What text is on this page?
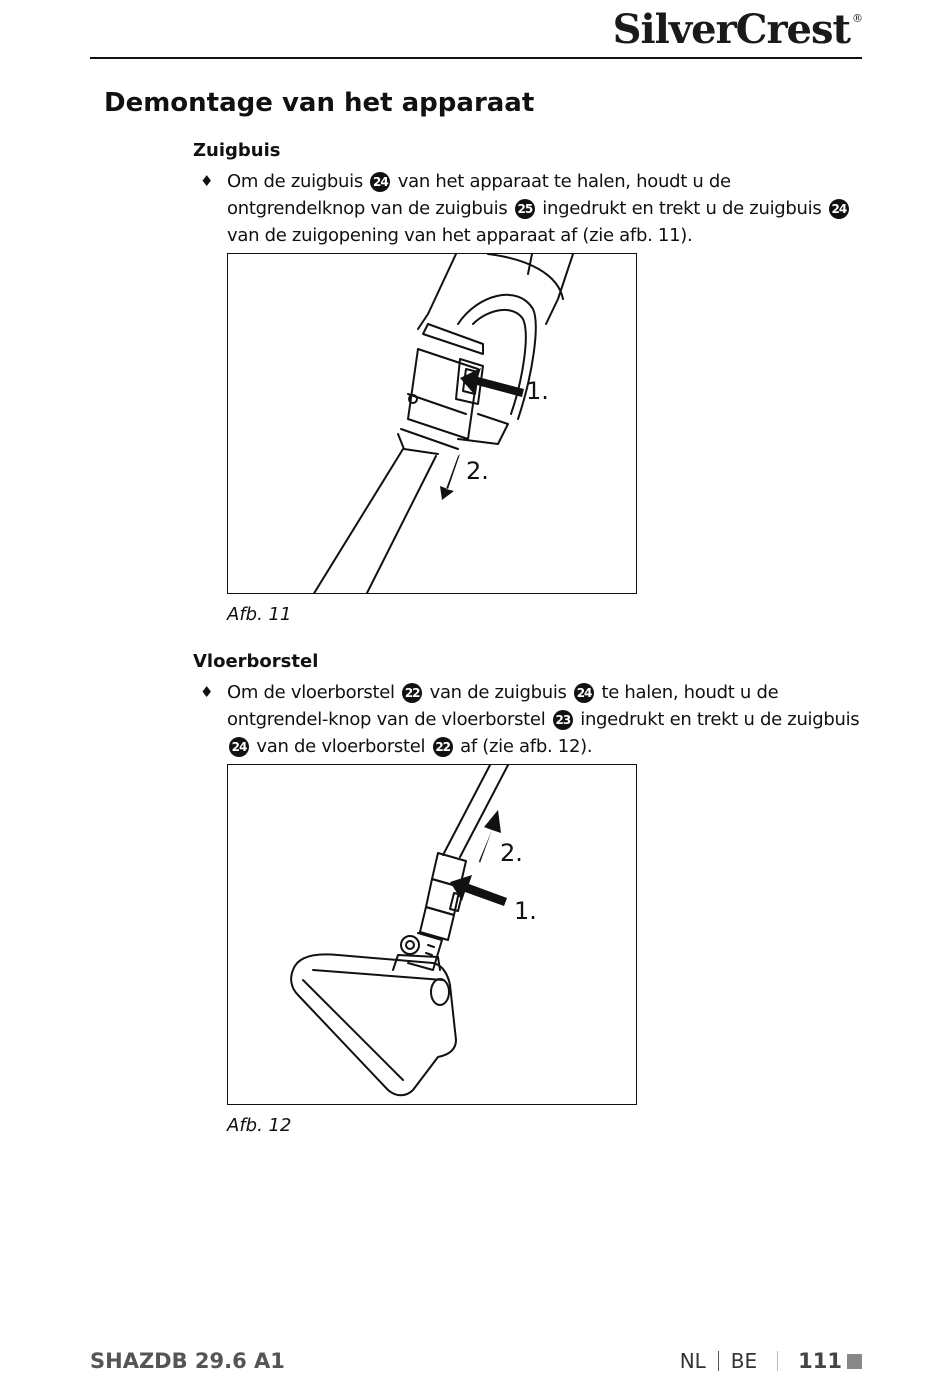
SilverCrest ®
Demontage van het apparaat
Zuigbuis
♦ Om de zuigbuis 24 van het apparaat te halen, houdt u de ontgrendelknop van de zuigbuis 25 ingedrukt en trekt u de zuigbuis 24 van de zuigopening van het apparaat af (zie afb. 11).
1.
2.
Afb. 11
Vloerborstel
♦ Om de vloerborstel 22 van de zuigbuis 24 te halen, houdt u de ontgrendel-knop van de vloerborstel 23 ingedrukt en trekt u de zuigbuis 24 van de vloerborstel 22 af (zie afb. 12).
1.
2.
Afb. 12
SHAZDB 29.6 A1	NL BE 111
